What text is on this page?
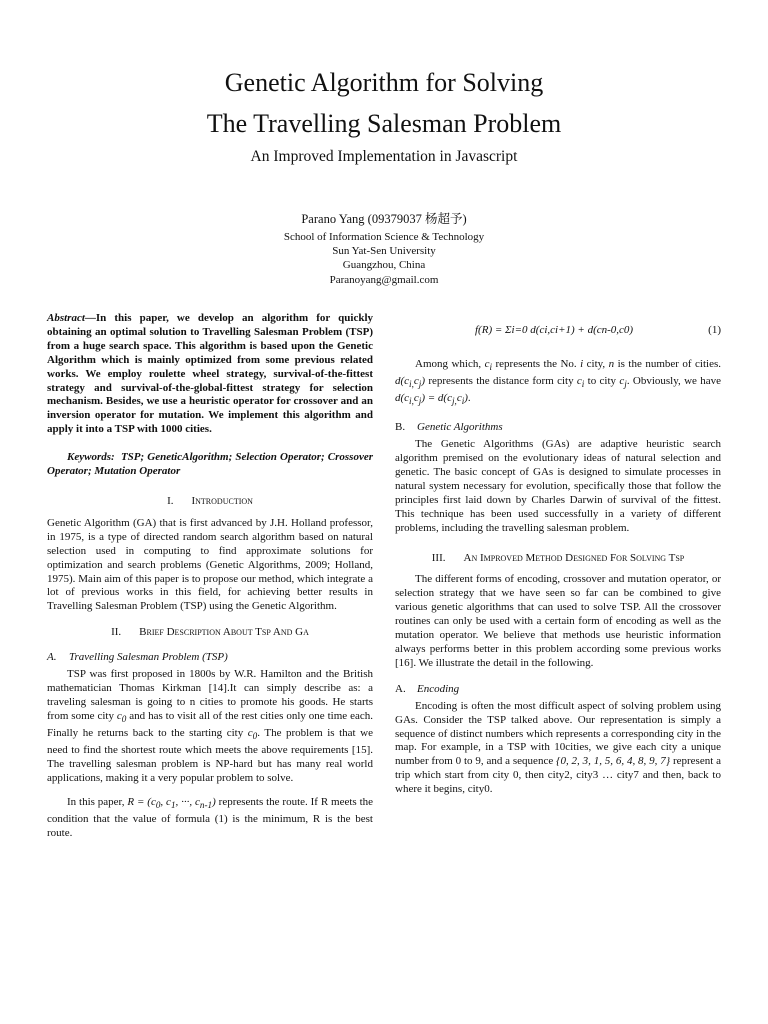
Genetic Algorithm for Solving
The Travelling Salesman Problem
An Improved Implementation in Javascript
Parano Yang (09379037 杨超予)
School of Information Science & Technology
Sun Yat-Sen University
Guangzhou, China
Paranoyang@gmail.com

Abstract—In this paper, we develop an algorithm for quickly obtaining an optimal solution to Travelling Salesman Problem (TSP) from a huge search space. This algorithm is based upon the Genetic Algorithm which is mainly optimized from some previous related works. We employ roulette wheel strategy, survival-of-the-fittest strategy and survival-of-the-global-fittest strategy for selection mechanism. Besides, we use a heuristic operator for crossover and an inversion operator for mutation. We implement this algorithm and apply it into a TSP with 1000 cities.

Keywords: TSP; GeneticAlgorithm; Selection Operator; Crossover Operator; Mutation Operator

I. Introduction

Genetic Algorithm (GA) that is first advanced by J.H. Holland professor, in 1975, is a type of directed random search algorithm based on natural selection used in computing to find approximate solutions for optimization and search problems (Genetic Algorithms, 2009; Holland, 1975). Main aim of this paper is to propose our method, which integrate a lot of previous works in this field, for achieving better results in Travelling Salesman Problem (TSP) using the Genetic Algorithm.

II. Brief Description About Tsp And Ga

A. Travelling Salesman Problem (TSP)

TSP was first proposed in 1800s by W.R. Hamilton and the British mathematician Thomas Kirkman [14].It can simply describe as: a traveling salesman is going to n cities to promote his goods. He starts from some city $c_0$ and has to visit all of the rest cities only one time each. Finally he returns back to the starting city $c_0$. The problem is that we need to find the shortest route which meets the above requirements [15]. The travelling salesman problem is NP-hard but has many real world applications, making it a very popular problem to solve.

In this paper, $R = (c_0$, $c_1$, ···, $c_{n-1}$) represents the route. If R meets the condition that the value of formula (1) is the minimum, R is the best route.

f(R) = Σi=0 d(ci,ci+1) + d(cn-0,c0)	(1)

Among which, $c_i$ represents the No. i city, n is the number of cities. $d(c_{i,}c_j)$ represents the distance form city $c_i$ to city $c_j$. Obviously, we have $d(c_{i,}c_j) = d(c_{j,}c_i)$.

B. Genetic Algorithms

The Genetic Algorithms (GAs) are adaptive heuristic search algorithm premised on the evolutionary ideas of natural selection and genetic. The basic concept of GAs is designed to simulate processes in natural system necessary for evolution, specifically those that follow the principles first laid down by Charles Darwin of survival of the fittest. This technique has been used successfully in a variety of different problems, including the travelling salesman problem.

III. An Improved Method Designed For Solving Tsp

The different forms of encoding, crossover and mutation operator, or selection strategy that we have seen so far can be combined to give various genetic algorithms that can used to solve TSP. All the crossover routines can only be used with a certain form of encoding as well as the mutation operator. We believe that methods use heuristic information always performs better in this problem according some previous works [16]. We illustrate the detail in the following.

A. Encoding

Encoding is often the most difficult aspect of solving problem using GAs. Consider the TSP talked above. Our representation is simply a sequence of distinct numbers which represents a corresponding city in the map. For example, in a TSP with 10cities, we give each city a unique number from 0 to 9, and a sequence {0, 2, 3, 1, 5, 6, 4, 8, 9, 7} represent a trip which start from city 0, then city2, city3 … city7 and then, back to where it begins, city0.
